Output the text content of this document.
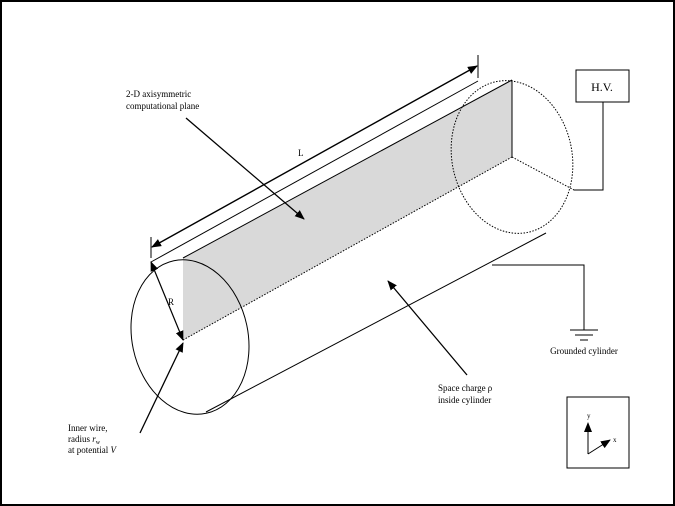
R
L
H.V.
Grounded cylinder
2-D axisymmetric
computational plane
Space charge ρ
inside cylinder
Inner wire,
radius $r_w$
at potential V
y
x
